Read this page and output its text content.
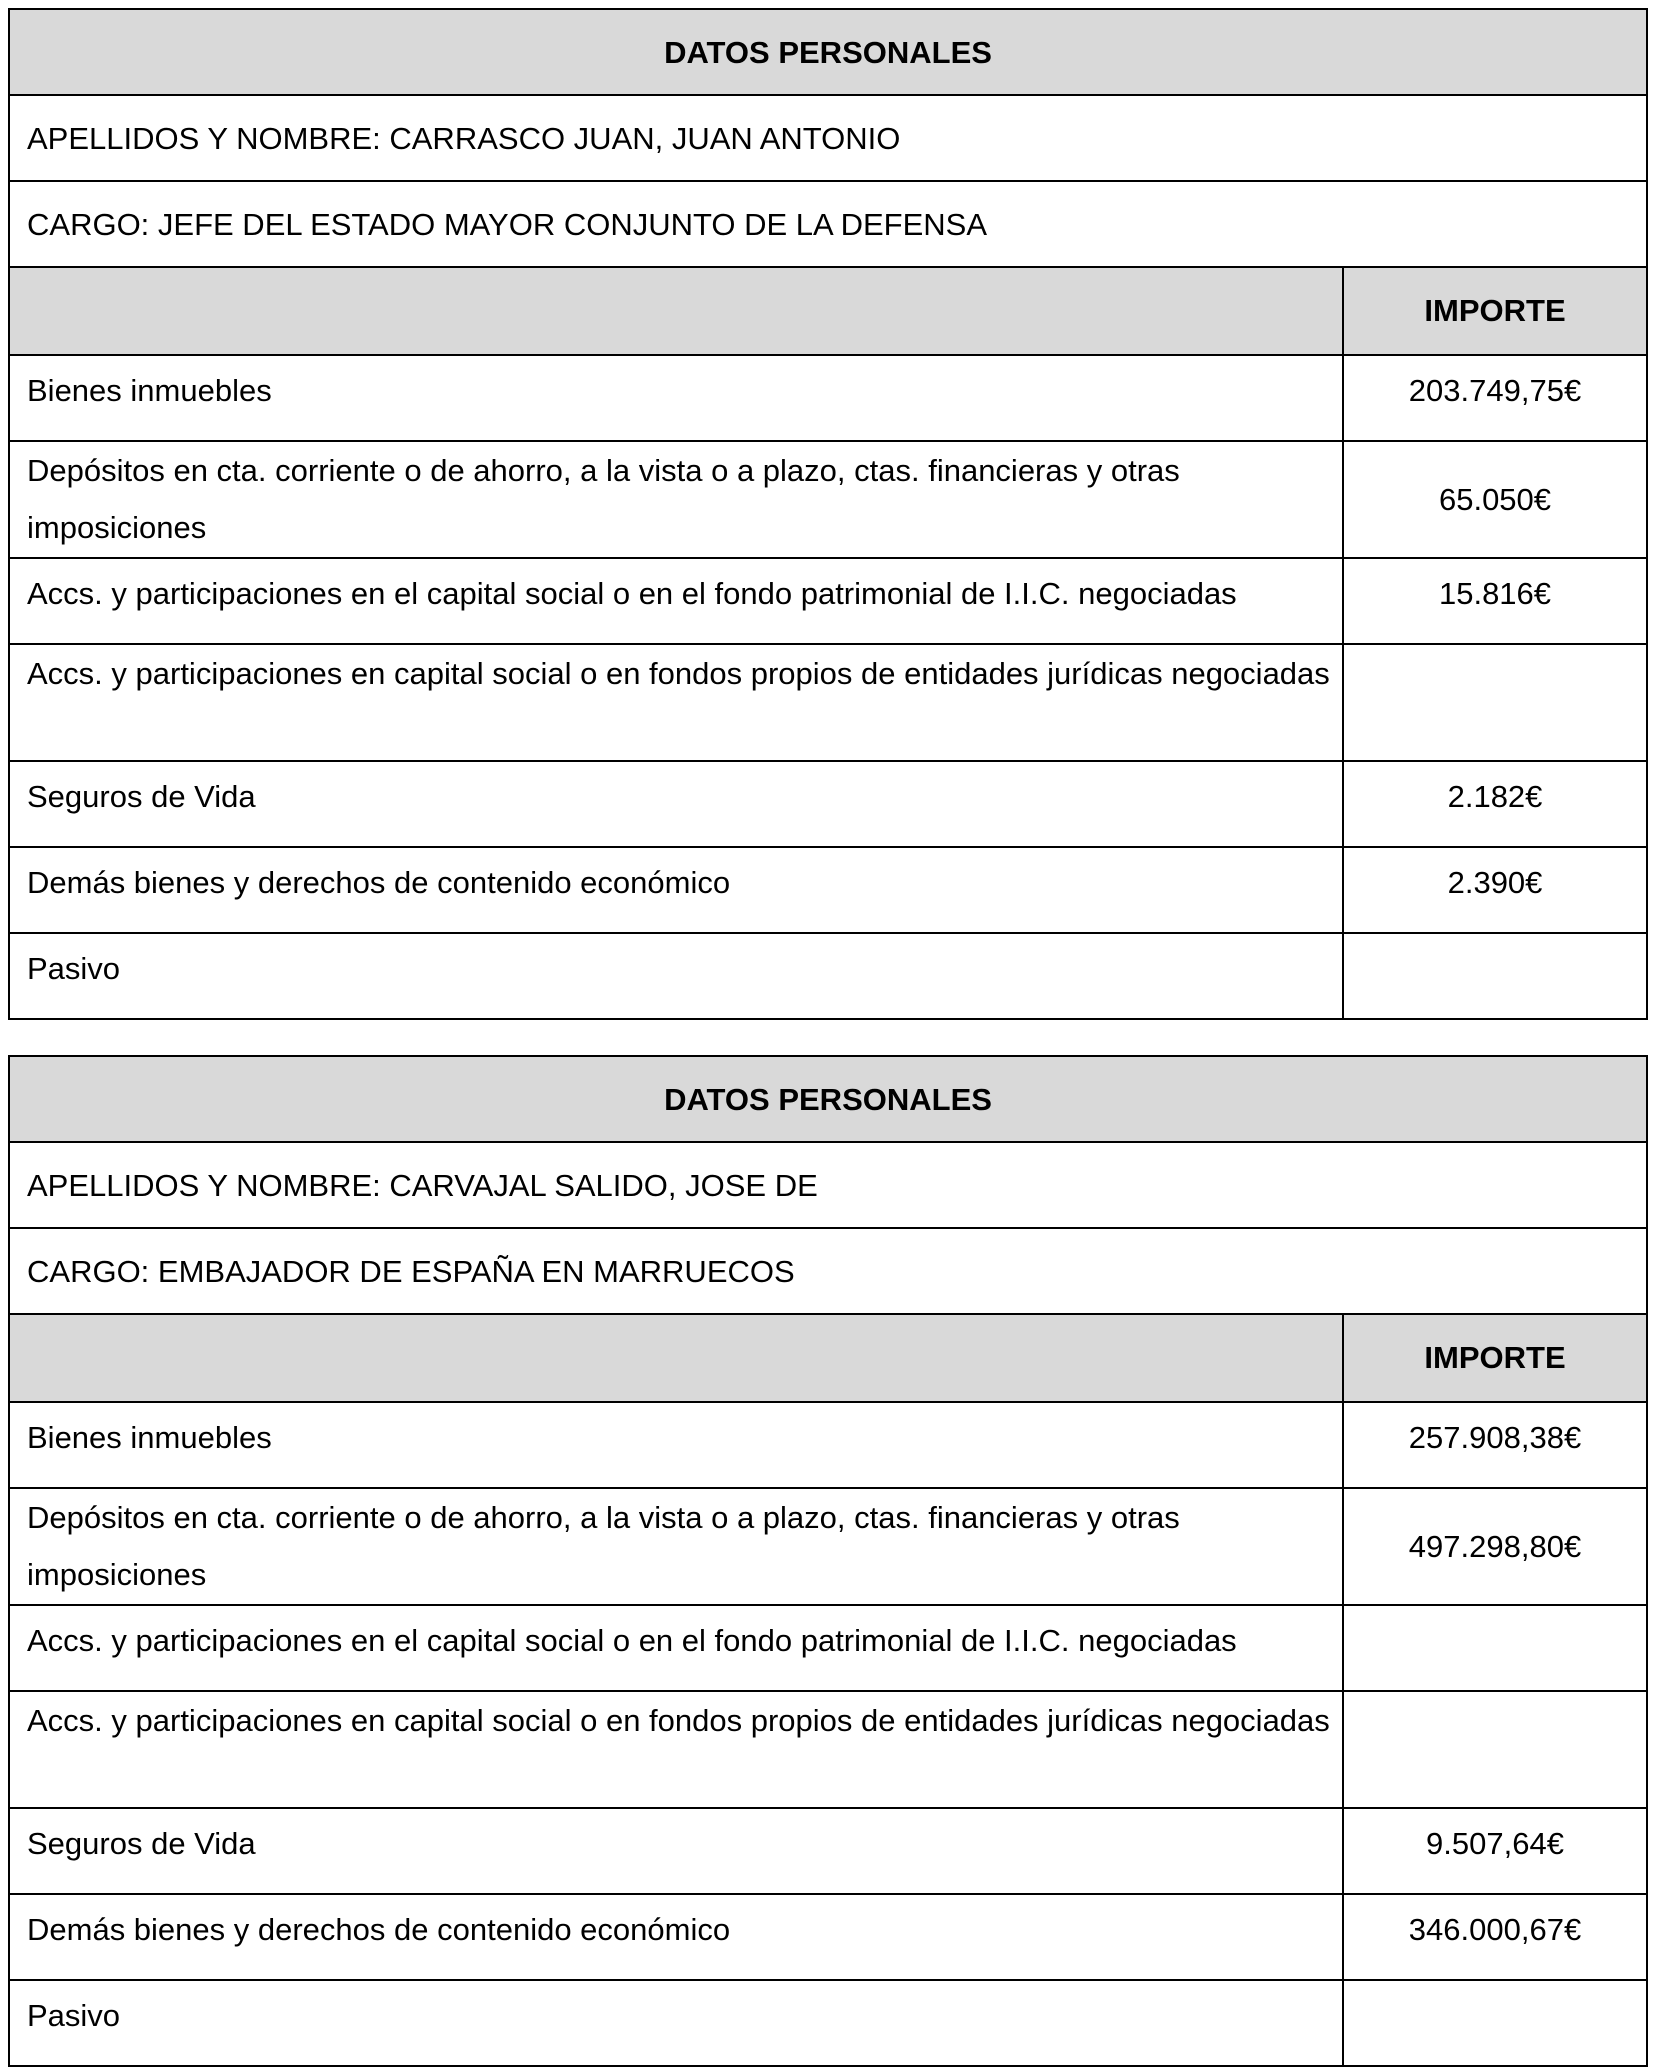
DATOS PERSONALES	
APELLIDOS Y NOMBRE: CARRASCO JUAN, JUAN ANTONIO	
CARGO: JEFE DEL ESTADO MAYOR CONJUNTO DE LA DEFENSA	
	IMPORTE
Bienes inmuebles	203.749,75€
Depósitos en cta. corriente o de ahorro, a la vista o a plazo, ctas. financieras y otras imposiciones	65.050€
Accs. y participaciones en el capital social o en el fondo patrimonial de I.I.C. negociadas	15.816€
Accs. y participaciones en capital social o en fondos propios de entidades jurídicas negociadas	
Seguros de Vida	2.182€
Demás bienes y derechos de contenido económico	2.390€
Pasivo	
DATOS PERSONALES	
APELLIDOS Y NOMBRE: CARVAJAL SALIDO, JOSE DE	
CARGO: EMBAJADOR DE ESPAÑA EN MARRUECOS	
	IMPORTE
Bienes inmuebles	257.908,38€
Depósitos en cta. corriente o de ahorro, a la vista o a plazo, ctas. financieras y otras imposiciones	497.298,80€
Accs. y participaciones en el capital social o en el fondo patrimonial de I.I.C. negociadas	
Accs. y participaciones en capital social o en fondos propios de entidades jurídicas negociadas	
Seguros de Vida	9.507,64€
Demás bienes y derechos de contenido económico	346.000,67€
Pasivo	
